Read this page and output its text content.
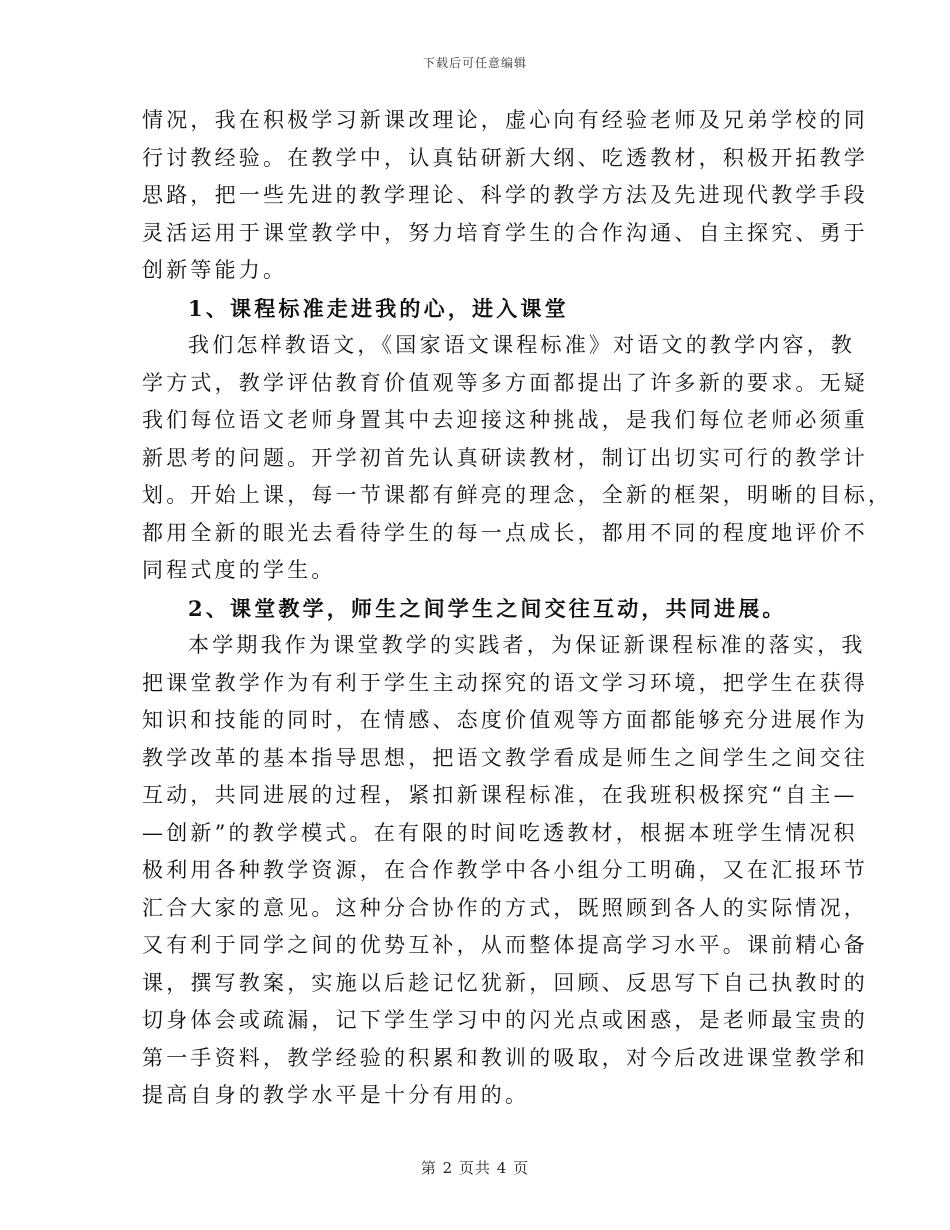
下载后可任意编辑

情况，我在积极学习新课改理论，虚心向有经验老师及兄弟学校的同
行讨教经验。在教学中，认真钻研新大纲、吃透教材，积极开拓教学
思路，把一些先进的教学理论、科学的教学方法及先进现代教学手段
灵活运用于课堂教学中，努力培育学生的合作沟通、自主探究、勇于
创新等能力。

1、课程标准走进我的心，进入课堂

我们怎样教语文，《国家语文课程标准》对语文的教学内容，教
学方式，教学评估教育价值观等多方面都提出了许多新的要求。无疑
我们每位语文老师身置其中去迎接这种挑战，是我们每位老师必须重
新思考的问题。开学初首先认真研读教材，制订出切实可行的教学计
划。开始上课，每一节课都有鲜亮的理念，全新的框架，明晰的目标，
都用全新的眼光去看待学生的每一点成长，都用不同的程度地评价不
同程式度的学生。

2、课堂教学，师生之间学生之间交往互动，共同进展。

本学期我作为课堂教学的实践者，为保证新课程标准的落实，我
把课堂教学作为有利于学生主动探究的语文学习环境，把学生在获得
知识和技能的同时，在情感、态度价值观等方面都能够充分进展作为
教学改革的基本指导思想，把语文教学看成是师生之间学生之间交往
互动，共同进展的过程，紧扣新课程标准，在我班积极探究“自主—
—创新”的教学模式。在有限的时间吃透教材，根据本班学生情况积
极利用各种教学资源，在合作教学中各小组分工明确，又在汇报环节
汇合大家的意见。这种分合协作的方式，既照顾到各人的实际情况，
又有利于同学之间的优势互补，从而整体提高学习水平。课前精心备
课，撰写教案，实施以后趁记忆犹新，回顾、反思写下自己执教时的
切身体会或疏漏，记下学生学习中的闪光点或困惑，是老师最宝贵的
第一手资料，教学经验的积累和教训的吸取，对今后改进课堂教学和
提高自身的教学水平是十分有用的。

第 2 页共 4 页
